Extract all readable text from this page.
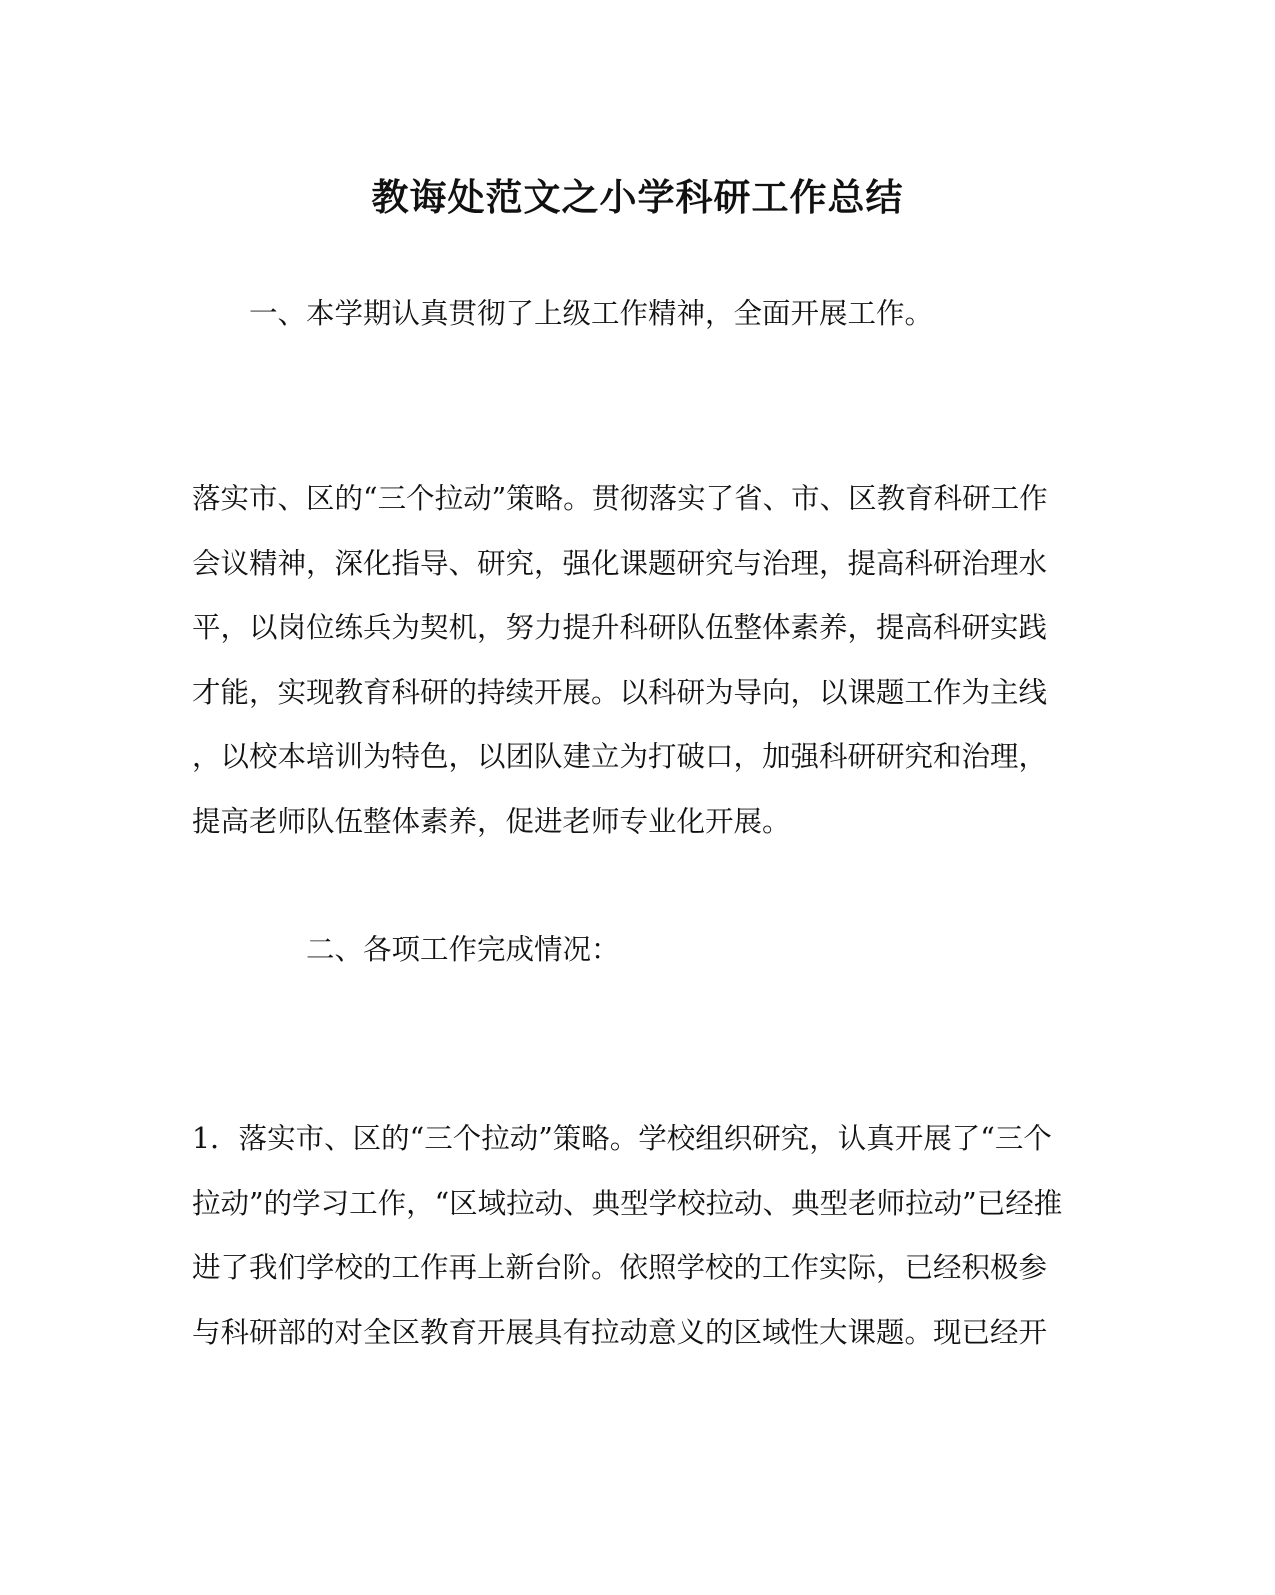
教诲处范文之小学科研工作总结
一、本学期认真贯彻了上级工作精神，全面开展工作。
落实市、区的“三个拉动”策略。贯彻落实了省、市、区教育科研工作
会议精神，深化指导、研究，强化课题研究与治理，提高科研治理水
平，以岗位练兵为契机，努力提升科研队伍整体素养，提高科研实践
才能，实现教育科研的持续开展。以科研为导向，以课题工作为主线
，以校本培训为特色，以团队建立为打破口，加强科研研究和治理，
提高老师队伍整体素养，促进老师专业化开展。
二、各项工作完成情况：
1．落实市、区的“三个拉动”策略。学校组织研究，认真开展了“三个
拉动”的学习工作，“区域拉动、典型学校拉动、典型老师拉动”已经推
进了我们学校的工作再上新台阶。依照学校的工作实际，已经积极参
与科研部的对全区教育开展具有拉动意义的区域性大课题。现已经开
